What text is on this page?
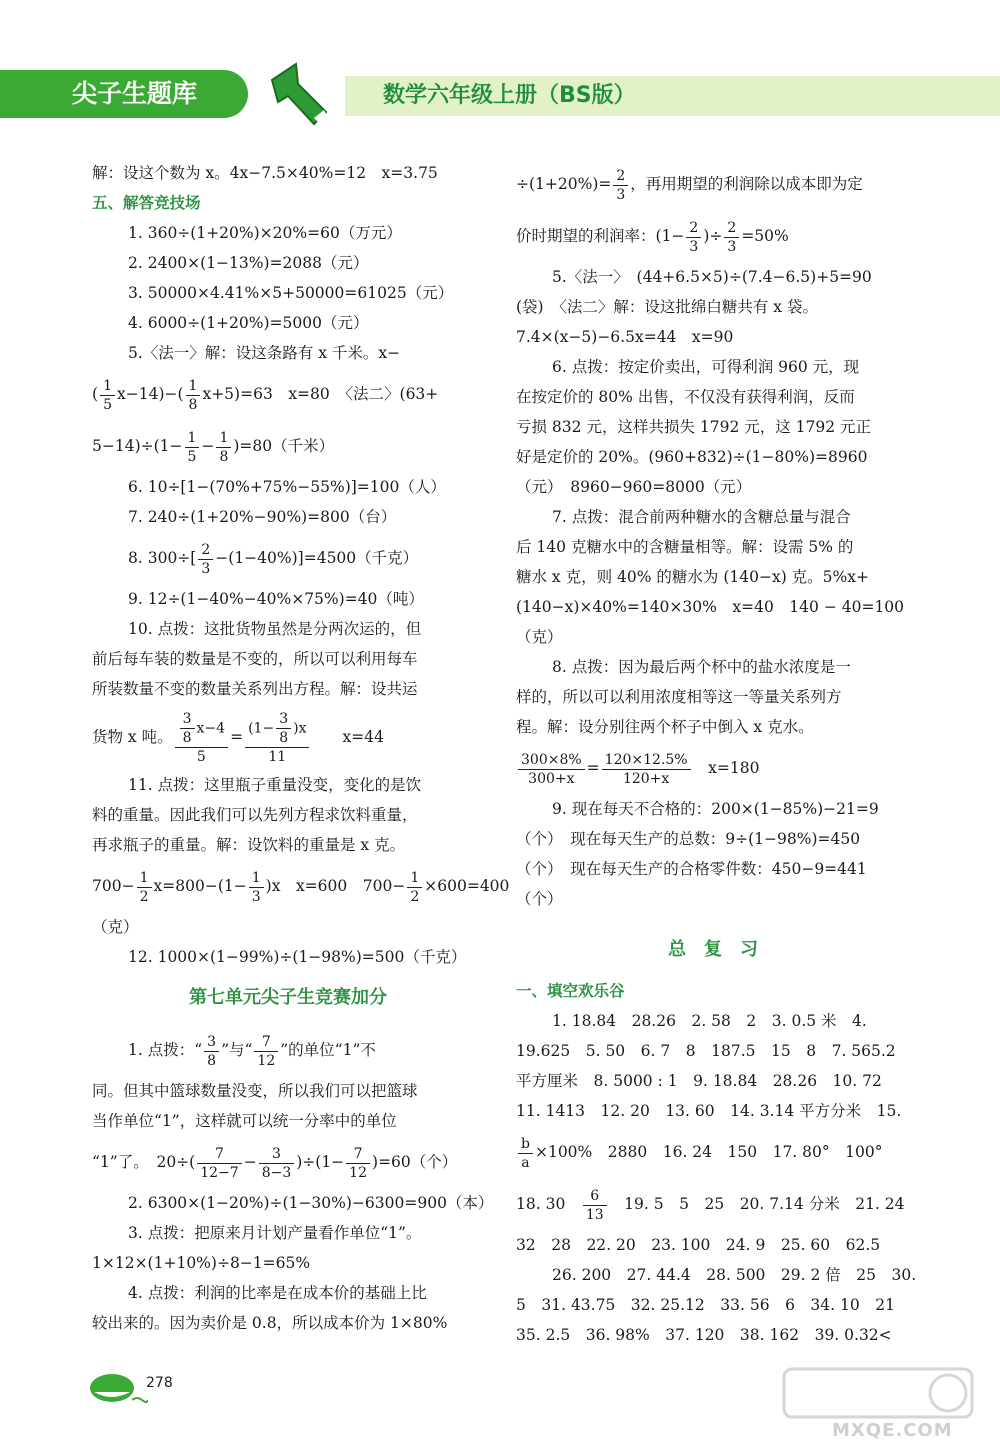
尖子生题库	数学六年级上册（BS版）
解：设这个数为 x。4x−7.5×40%=12　x=3.75
五、解答竞技场
1. 360÷(1+20%)×20%=60（万元）
2. 2400×(1−13%)=2088（元）
3. 50000×4.41%×5+50000=61025（元）
4. 6000÷(1+20%)=5000（元）
5.〈法一〉解：设这条路有 x 千米。x−
( $\frac{1}{5} x-14)-( \frac{1}{8} x+5)=63$　x=80　〈法二〉(63+
$5-14)\div(1- \frac{1}{5} - \frac{1}{8} )=80$（千米）
6. 10÷[1−(70%+75%−55%)]=100（人）
7. 240÷(1+20%−90%)=800（台）
8. $300\div[ \frac{2}{3} -(1-40\%)]=4500$（千克）
9. 12÷(1−40%−40%×75%)=40（吨）
10. 点拨：这批货物虽然是分两次运的，但
前后每车装的数量是不变的，所以可以利用每车
所装数量不变的数量关系列出方程。解：设共运
货物 x 吨。 $\frac{\frac{3}{8} x-4}{5} = \frac{(1- \frac{3}{8} )x}{11}$
　　 x=44
11. 点拨：这里瓶子重量没变，变化的是饮
料的重量。因此我们可以先列方程求饮料重量，
再求瓶子的重量。解：设饮料的重量是 x 克。
$700- \frac{1}{2} x=800-(1- \frac{1}{3} )x$　x=600　$700- \frac{1}{2} \times 600=400$
（克）
12. 1000×(1−99%)÷(1−98%)=500（千克）
第七单元尖子生竞赛加分
1. 点拨：“ $\frac{3}{8}$ ”与“ $\frac{7}{12}$ ”的单位“1”不
同。但其中篮球数量没变，所以我们可以把篮球
当作单位“1”，这样就可以统一分率中的单位
“1”了。　$20\div( \frac{7}{12-7} - \frac{3}{8-3} )\div(1- \frac{7}{12} )=60$（个）
2. 6300×(1−20%)÷(1−30%)−6300=900（本）
3. 点拨：把原来月计划产量看作单位“1”。
1×12×(1+10%)÷8−1=65%
4. 点拨：利润的比率是在成本价的基础上比
较出来的。因为卖价是 0.8，所以成本价为 1×80%
$\div(1+20\%)= \frac{2}{3}$ ，再用期望的利润除以成本即为定
价时期望的利润率：($1- \frac{2}{3}$ )÷ $\frac{2}{3} =50\%$
5.〈法一〉　(44+6.5×5)÷(7.4−6.5)+5=90
(袋)　〈法二〉解：设这批绵白糖共有 x 袋。
7.4×(x−5)−6.5x=44　x=90
6. 点拨：按定价卖出，可得利润 960 元，现
在按定价的 80% 出售，不仅没有获得利润，反而
亏损 832 元，这样共损失 1792 元，这 1792 元正
好是定价的 20%。(960+832)÷(1−80%)=8960
（元）　8960−960=8000（元）
7. 点拨：混合前两种糖水的含糖总量与混合
后 140 克糖水中的含糖量相等。解：设需 5% 的
糖水 x 克，则 40% 的糖水为 (140−x) 克。5%x+
(140−x)×40%=140×30%　x=40　140 − 40=100
（克）
8. 点拨：因为最后两个杯中的盐水浓度是一
样的，所以可以利用浓度相等这一等量关系列方
程。解：设分别往两个杯子中倒入 x 克水。
$\frac{300\times 8\%}{300+x} = \frac{120\times 12.5\%}{120+x}$
　 x=180
9. 现在每天不合格的：200×(1−85%)−21=9
（个）　现在每天生产的总数：9÷(1−98%)=450
（个）　现在每天生产的合格零件数：450−9=441
（个）
总　复　习
一、填空欢乐谷
1. 18.84　28.26　2. 58　2　3. 0.5 米　4.
19.625　5. 50　6. 7　8　187.5　15　8　7. 565.2
平方厘米　8. 5000 : 1　9. 18.84　28.26　10. 72
11. 1413　12. 20　13. 60　14. 3.14 平方分米　15.
$\frac{b}{a} \times 100\%$　2880　16. 24　150　17. 80°　100°
18. 30　 $\frac{6}{13}$
　 19. 5　5　25　20. 7.14 分米　21. 24
32　28　22. 20　23. 100　24. 9　25. 60　62.5
26. 200　27. 44.4　28. 500　29. 2 倍　25　30.
5　31. 43.75　32. 25.12　33. 56　6　34. 10　21
35. 2.5　36. 98%　37. 120　38. 162　39. 0.32<
278
MXQE.COM
